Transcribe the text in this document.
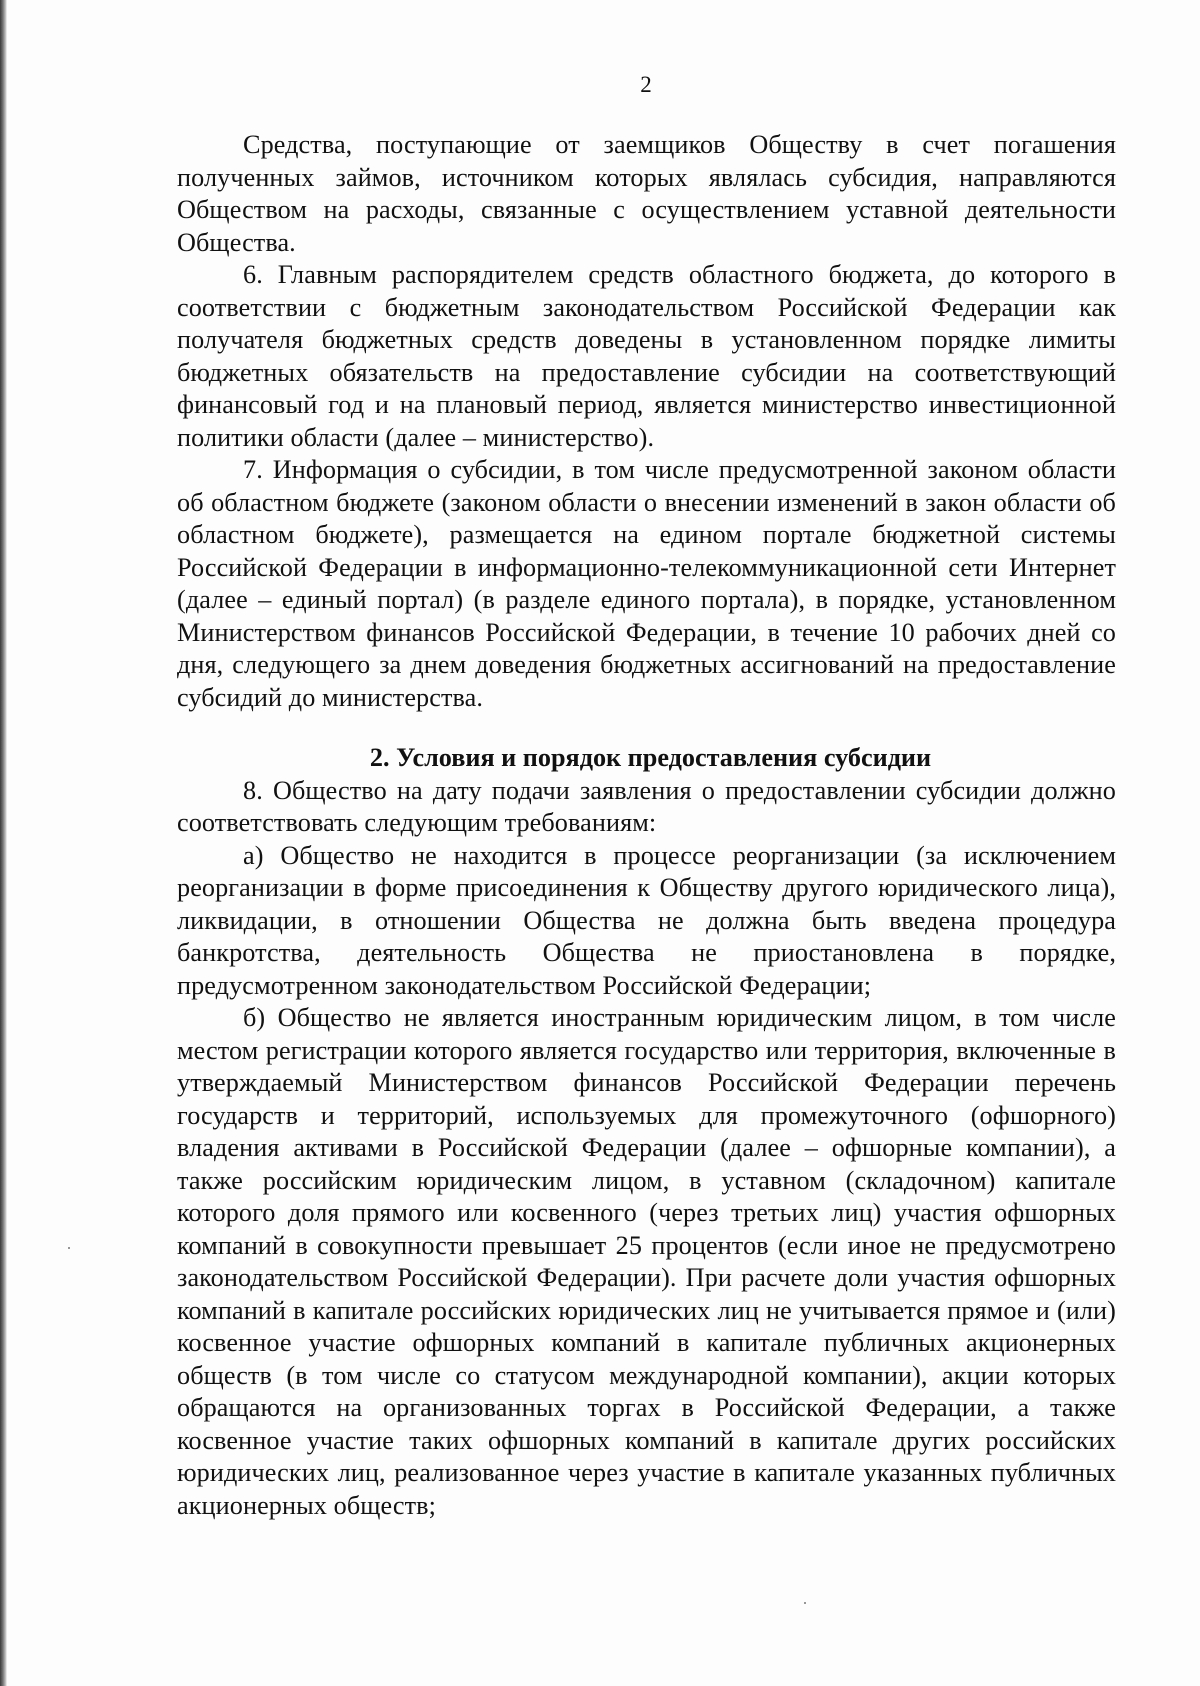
2

Средства, поступающие от заемщиков Обществу в счет погашения полученных займов, источником которых являлась субсидия, направляются Обществом на расходы, связанные с осуществлением уставной деятельности Общества.

6. Главным распорядителем средств областного бюджета, до которого в соответствии с бюджетным законодательством Российской Федерации как получателя бюджетных средств доведены в установленном порядке лимиты бюджетных обязательств на предоставление субсидии на соответствующий финансовый год и на плановый период, является министерство инвестиционной политики области (далее – министерство).

7. Информация о субсидии, в том числе предусмотренной законом области об областном бюджете (законом области о внесении изменений в закон области об областном бюджете), размещается на едином портале бюджетной системы Российской Федерации в информационно-телекоммуникационной сети Интернет (далее – единый портал) (в разделе единого портала), в порядке, установленном Министерством финансов Российской Федерации, в течение 10 рабочих дней со дня, следующего за днем доведения бюджетных ассигнований на предоставление субсидий до министерства.

2. Условия и порядок предоставления субсидии

8. Общество на дату подачи заявления о предоставлении субсидии должно соответствовать следующим требованиям:

а) Общество не находится в процессе реорганизации (за исключением реорганизации в форме присоединения к Обществу другого юридического лица), ликвидации, в отношении Общества не должна быть введена процедура банкротства, деятельность Общества не приостановлена в порядке, предусмотренном законодательством Российской Федерации;

б) Общество не является иностранным юридическим лицом, в том числе местом регистрации которого является государство или территория, включенные в утверждаемый Министерством финансов Российской Федерации перечень государств и территорий, используемых для промежуточного (офшорного) владения активами в Российской Федерации (далее – офшорные компании), а также российским юридическим лицом, в уставном (складочном) капитале которого доля прямого или косвенного (через третьих лиц) участия офшорных компаний в совокупности превышает 25 процентов (если иное не предусмотрено законодательством Российской Федерации). При расчете доли участия офшорных компаний в капитале российских юридических лиц не учитывается прямое и (или) косвенное участие офшорных компаний в капитале публичных акционерных обществ (в том числе со статусом международной компании), акции которых обращаются на организованных торгах в Российской Федерации, а также косвенное участие таких офшорных компаний в капитале других российских юридических лиц, реализованное через участие в капитале указанных публичных акционерных обществ;
